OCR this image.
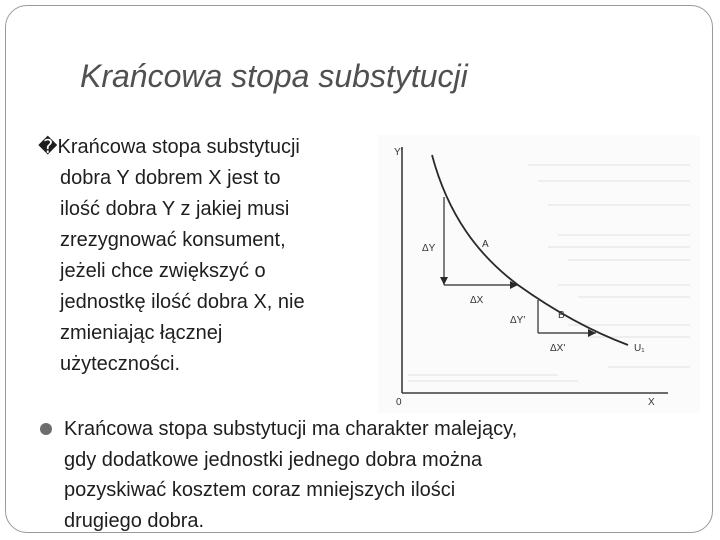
Krańcowa stopa substytucji
�Krańcowa stopa substytucji
dobra Y dobrem X jest to
ilość dobra Y z jakiej musi
zrezygnować konsument,
jeżeli chce zwiększyć o
jednostkę ilość dobra X, nie
zmieniając łącznej
użyteczności.
Y'
X
0
A
B
ΔY
ΔX
ΔY'
ΔX'	U₁
Krańcowa stopa substytucji ma charakter malejący,
gdy dodatkowe jednostki jednego dobra można
pozyskiwać kosztem coraz mniejszych ilości
drugiego dobra.
